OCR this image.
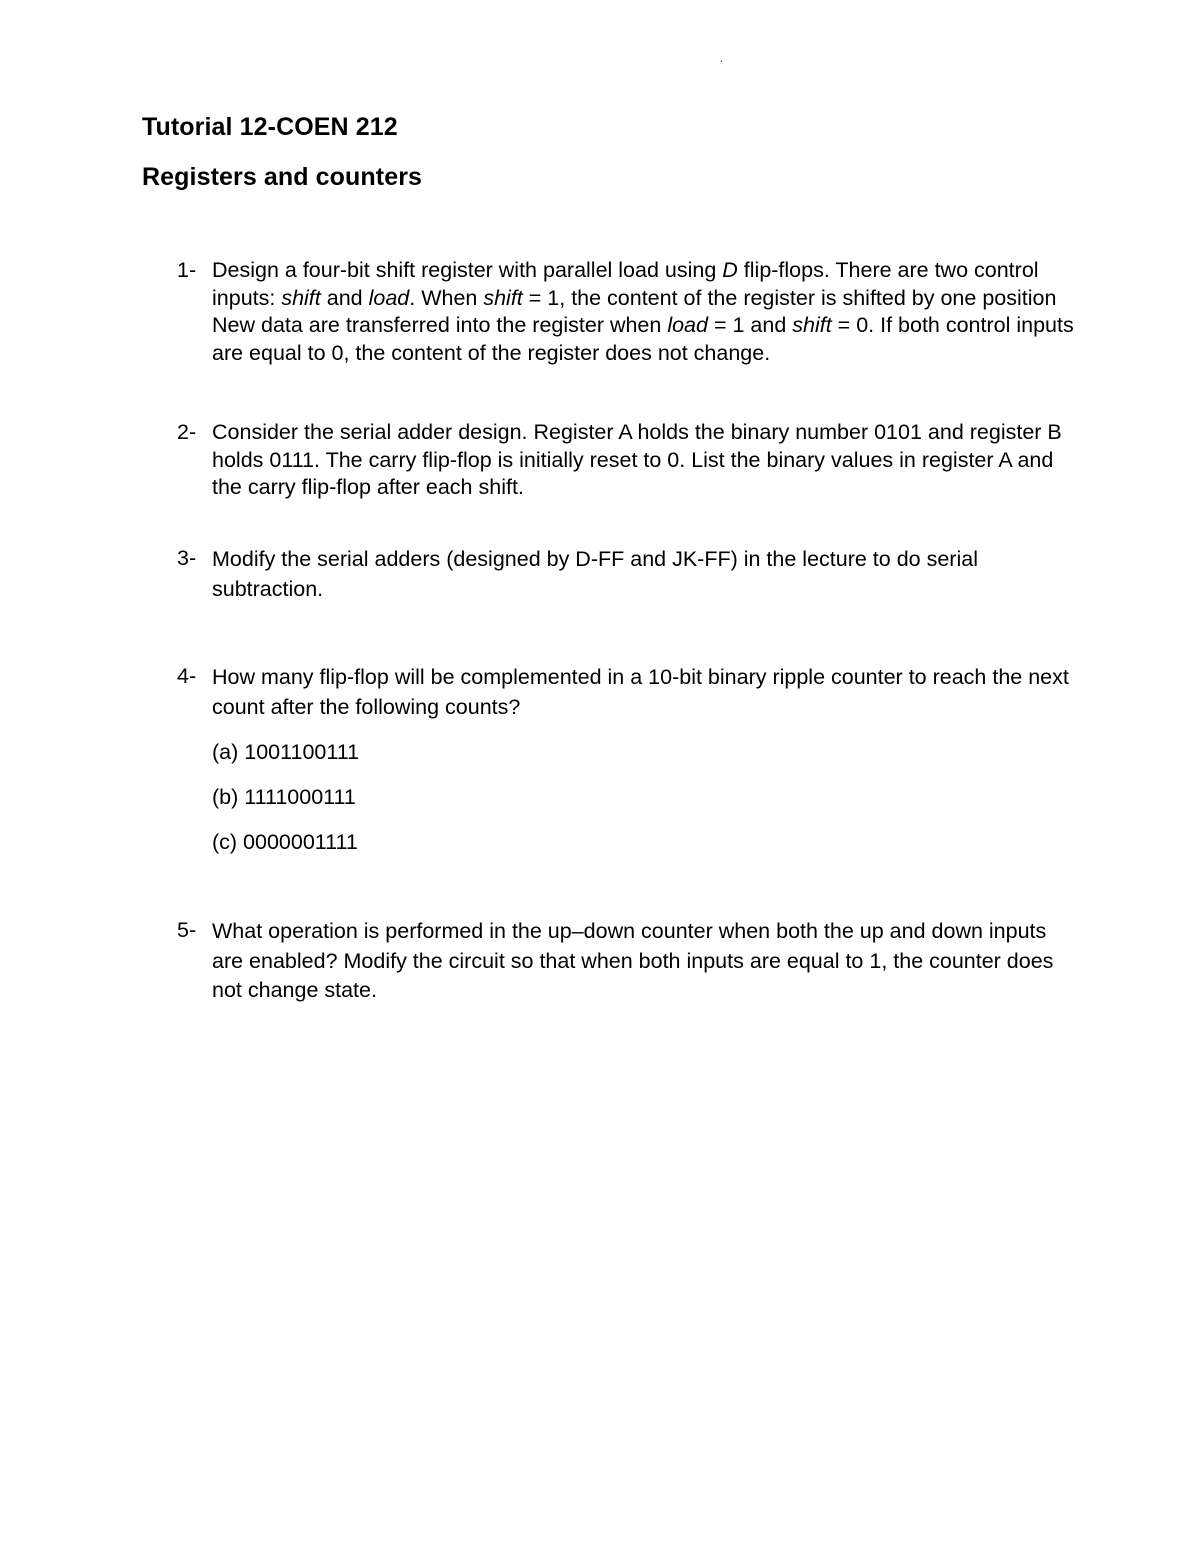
·
Tutorial 12-COEN 212
Registers and counters
1- Design a four-bit shift register with parallel load using D flip-flops. There are two control inputs: shift and load. When shift = 1, the content of the register is shifted by one position New data are transferred into the register when load = 1 and shift = 0. If both control inputs are equal to 0, the content of the register does not change.
2- Consider the serial adder design. Register A holds the binary number 0101 and register B holds 0111. The carry flip-flop is initially reset to 0. List the binary values in register A and the carry flip-flop after each shift.
3- Modify the serial adders (designed by D-FF and JK-FF) in the lecture to do serial subtraction.
4- How many flip-flop will be complemented in a 10-bit binary ripple counter to reach the next count after the following counts?
(a) 1001100111
(b) 1111000111
(c) 0000001111
5- What operation is performed in the up–down counter when both the up and down inputs are enabled? Modify the circuit so that when both inputs are equal to 1, the counter does not change state.
